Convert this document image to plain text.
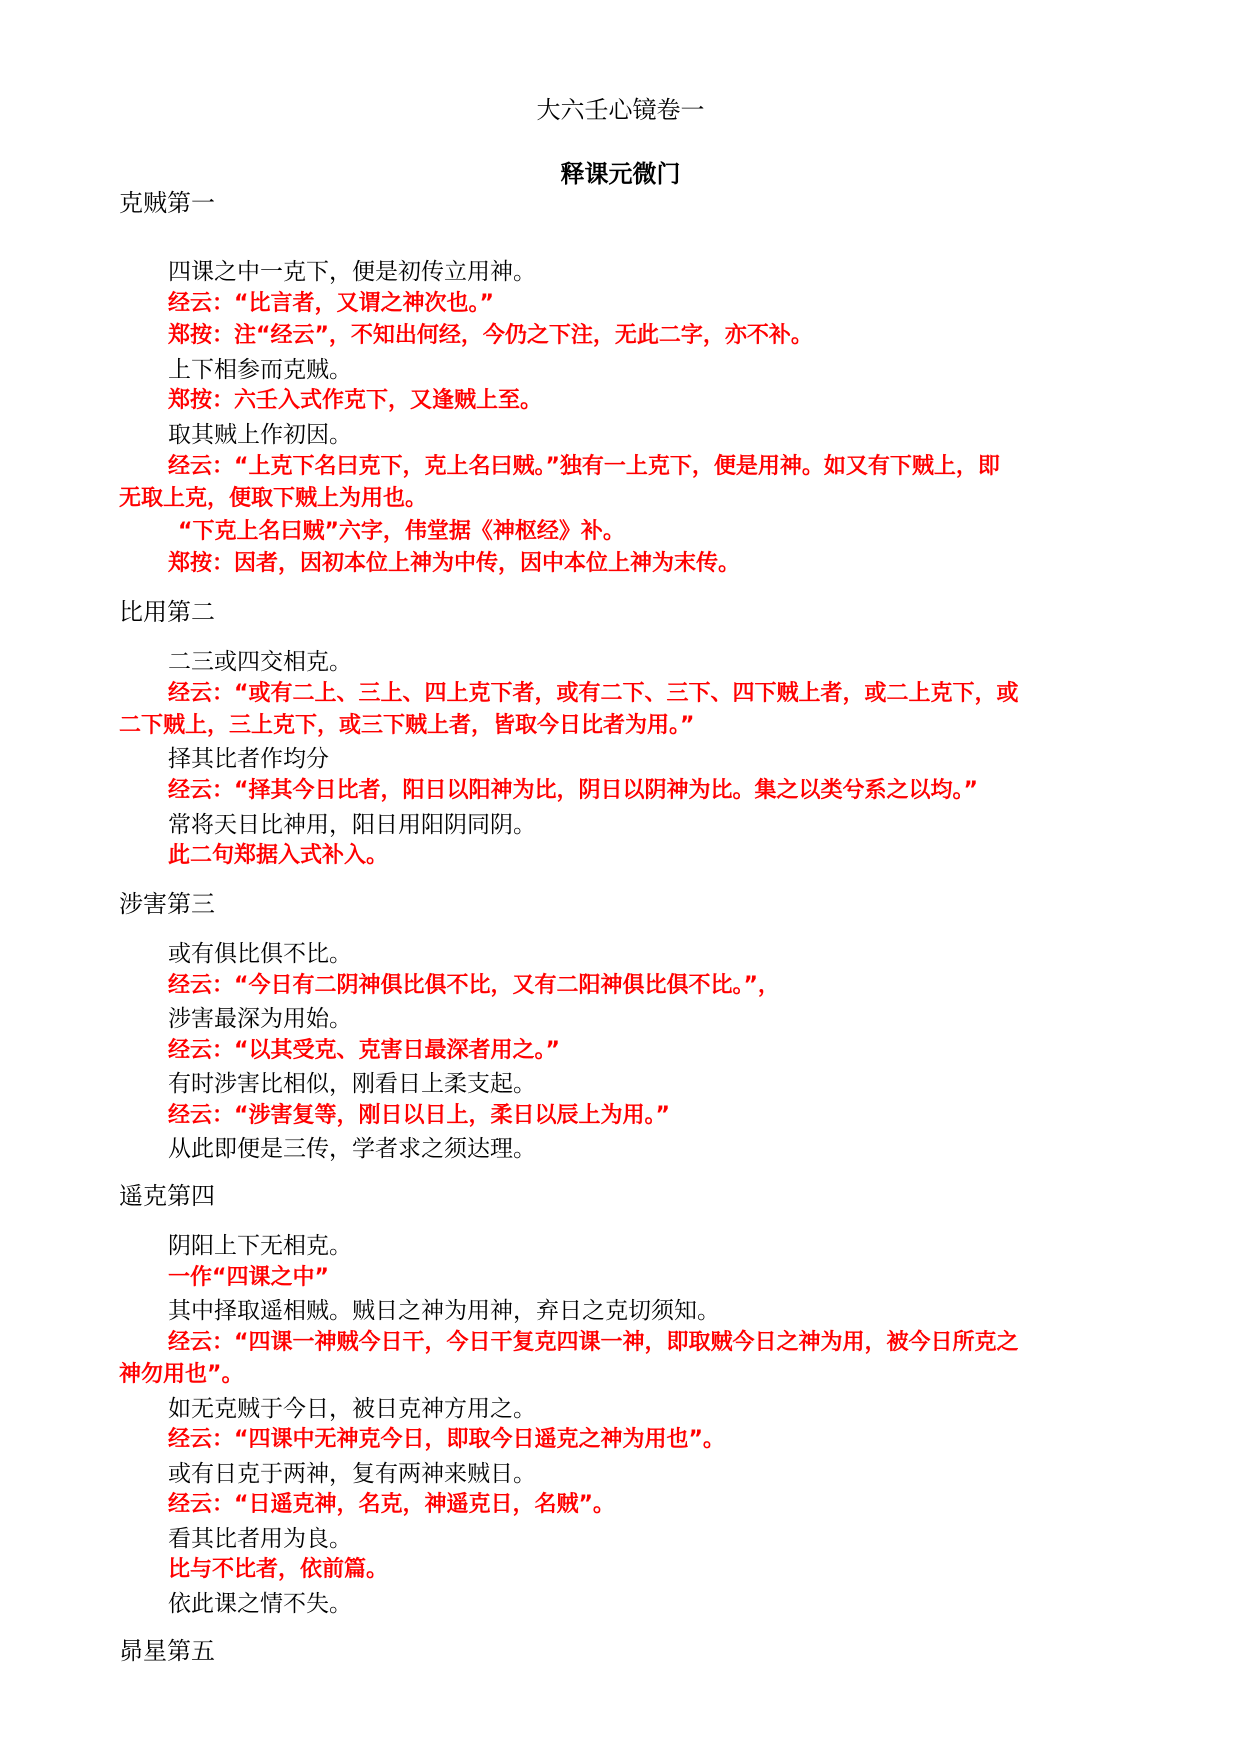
大六壬心镜卷一
释课元微门
克贼第一
四课之中一克下，便是初传立用神。
经云：“比言者，又谓之神次也。”
郑按：注“经云”，不知出何经，今仍之下注，无此二字，亦不补。
上下相参而克贼。
郑按：六壬入式作克下，又逢贼上至。
取其贼上作初因。
经云：“上克下名曰克下，克上名曰贼。”独有一上克下，便是用神。如又有下贼上，即
无取上克，便取下贼上为用也。
“下克上名曰贼”六字，伟堂据《神枢经》补。
郑按：因者，因初本位上神为中传，因中本位上神为末传。
比用第二
二三或四交相克。
经云：“或有二上、三上、四上克下者，或有二下、三下、四下贼上者，或二上克下，或
二下贼上，三上克下，或三下贼上者，皆取今日比者为用。”
择其比者作均分
经云：“择其今日比者，阳日以阳神为比，阴日以阴神为比。集之以类兮系之以均。”
常将天日比神用，阳日用阳阴同阴。
此二句郑据入式补入。
涉害第三
或有俱比俱不比。
经云：“今日有二阴神俱比俱不比，又有二阳神俱比俱不比。”，
涉害最深为用始。
经云：“以其受克、克害日最深者用之。”
有时涉害比相似，刚看日上柔支起。
经云：“涉害复等，刚日以日上，柔日以辰上为用。”
从此即便是三传，学者求之须达理。
遥克第四
阴阳上下无相克。
一作“四课之中”
其中择取遥相贼。贼日之神为用神，弃日之克切须知。
经云：“四课一神贼今日干，今日干复克四课一神，即取贼今日之神为用，被今日所克之
神勿用也”。
如无克贼于今日，被日克神方用之。
经云：“四课中无神克今日，即取今日遥克之神为用也”。
或有日克于两神，复有两神来贼日。
经云：“日遥克神，名克，神遥克日，名贼”。
看其比者用为良。
比与不比者，依前篇。
依此课之情不失。
昴星第五
